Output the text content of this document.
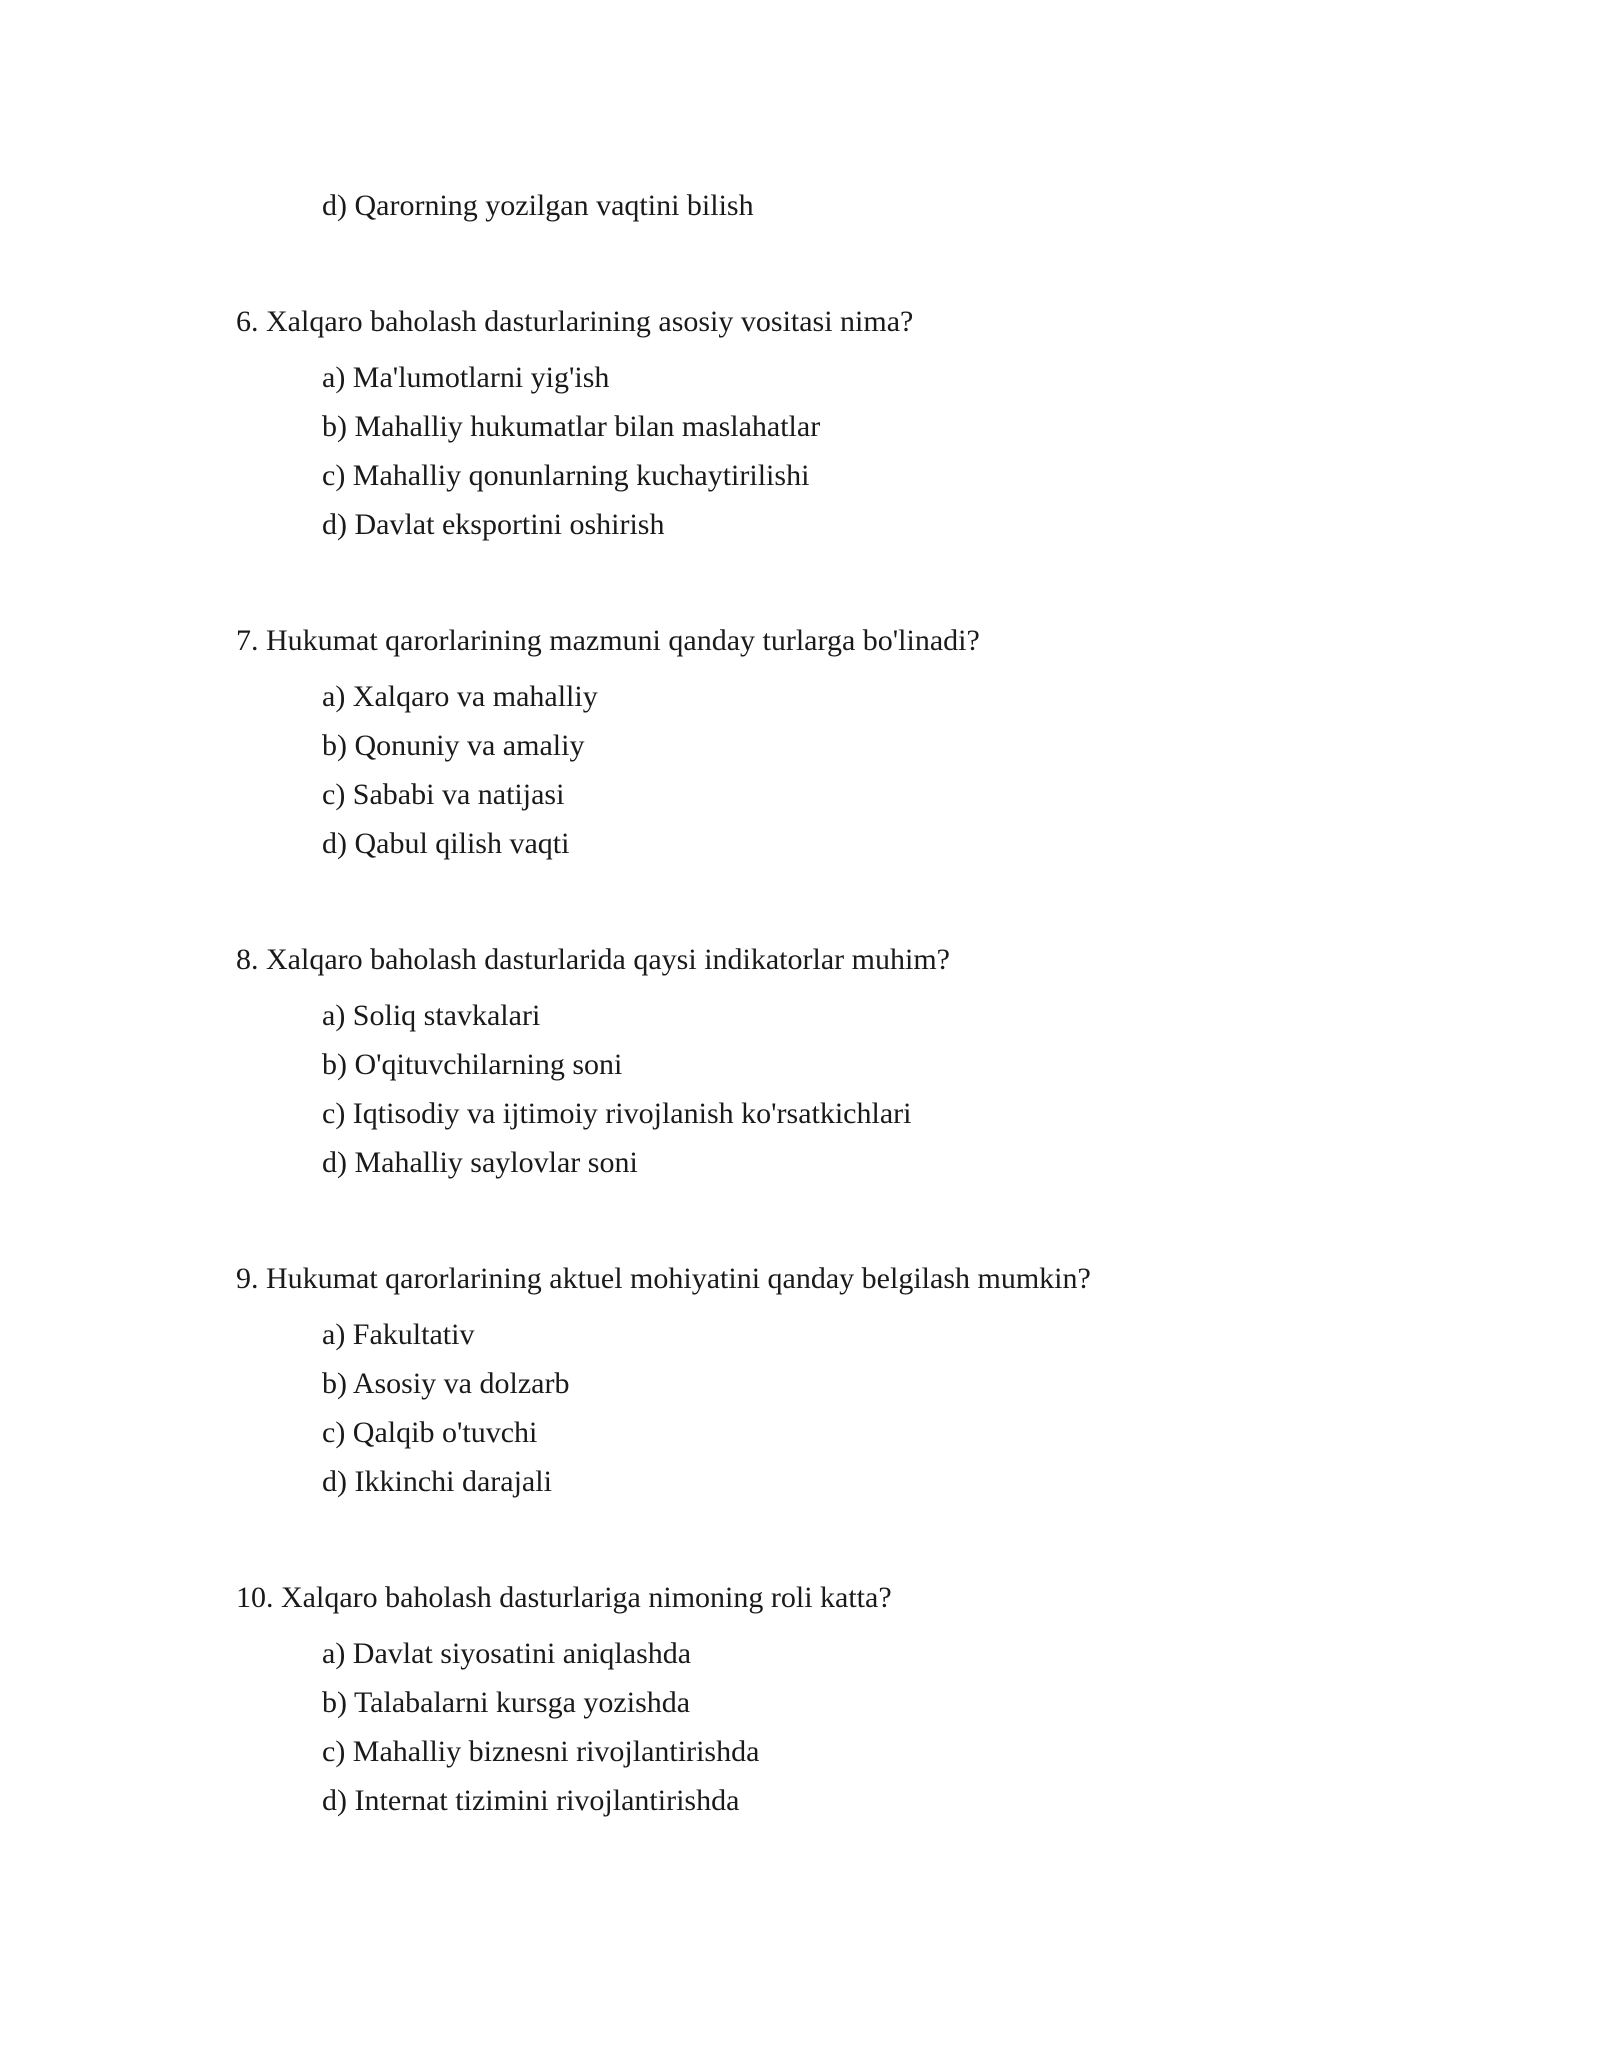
d) Qarorning yozilgan vaqtini bilish
6. Xalqaro baholash dasturlarining asosiy vositasi nima?
a) Ma'lumotlarni yig'ish
b) Mahalliy hukumatlar bilan maslahatlar
c) Mahalliy qonunlarning kuchaytirilishi
d) Davlat eksportini oshirish
7. Hukumat qarorlarining mazmuni qanday turlarga bo'linadi?
a) Xalqaro va mahalliy
b) Qonuniy va amaliy
c) Sababi va natijasi
d) Qabul qilish vaqti
8. Xalqaro baholash dasturlarida qaysi indikatorlar muhim?
a) Soliq stavkalari
b) O'qituvchilarning soni
c) Iqtisodiy va ijtimoiy rivojlanish ko'rsatkichlari
d) Mahalliy saylovlar soni
9. Hukumat qarorlarining aktuel mohiyatini qanday belgilash mumkin?
a) Fakultativ
b) Asosiy va dolzarb
c) Qalqib o'tuvchi
d) Ikkinchi darajali
10. Xalqaro baholash dasturlariga nimoning roli katta?
a) Davlat siyosatini aniqlashda
b) Talabalarni kursga yozishda
c) Mahalliy biznesni rivojlantirishda
d) Internat tizimini rivojlantirishda
